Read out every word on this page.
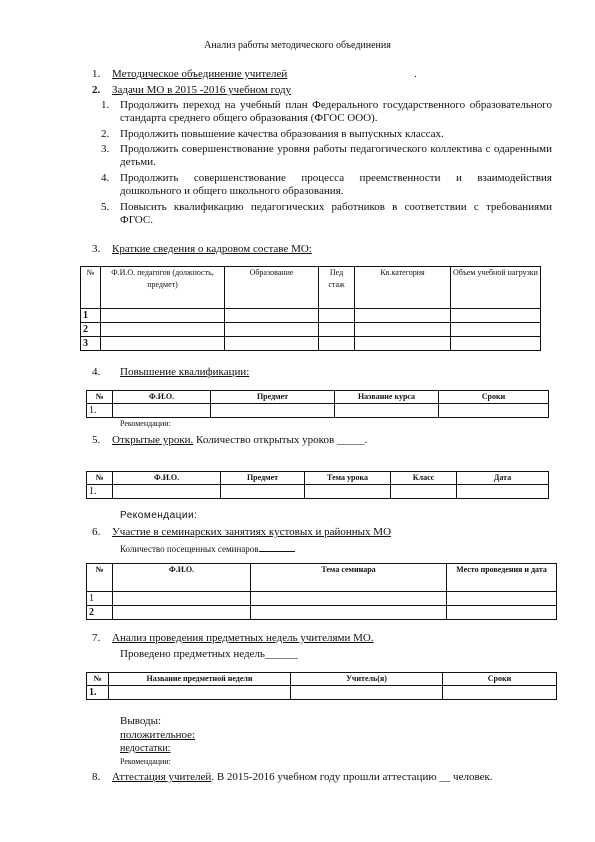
Анализ работы методического объединения
1. Методическое объединение учителей	.
2. Задачи МО в 2015 -2016 учебном году
1. Продолжить переход на учебный план Федерального государственного образовательного стандарта среднего общего образования (ФГОС ООО).
2. Продолжить повышение качества образования в выпускных классах.
3. Продолжить совершенствование уровня работы педагогического коллектива с одаренными детьми.
4. Продолжить совершенствование процесса преемственности и взаимодействия дошкольного и общего школьного образования.
5. Повысить квалификацию педагогических работников в соответствии с требованиями ФГОС.
3. Краткие сведения о кадровом составе МО:
№	Ф.И.О. педагогов (должность, предмет)	Образование	Пед стаж	Кв.категория	Объем учебной нагрузки
1					
2					
3					
4. Повышение квалификации:
№	Ф.И.О.	Предмет	Название курса	Сроки
1.				
Рекомендации:
5. Открытые уроки. Количество открытых уроков _____.
№	Ф.И.О.	Предмет	Тема урока	Класс	Дата
1.					
Рекомендации:
6. Участие в семинарских занятиях кустовых и районных МО
Количество посещенных семинаров
№	Ф.И.О.	Тема семинара	Место проведения и дата
1			
2			
7. Анализ проведения предметных недель учителями МО.
Проведено предметных недель______
№	Название предметной недели	Учитель(я)	Сроки
1.			
Выводы:
положительное:
недостатки:
Рекомендации:
8. Аттестация учителей. В 2015-2016 учебном году прошли аттестацию __ человек.
